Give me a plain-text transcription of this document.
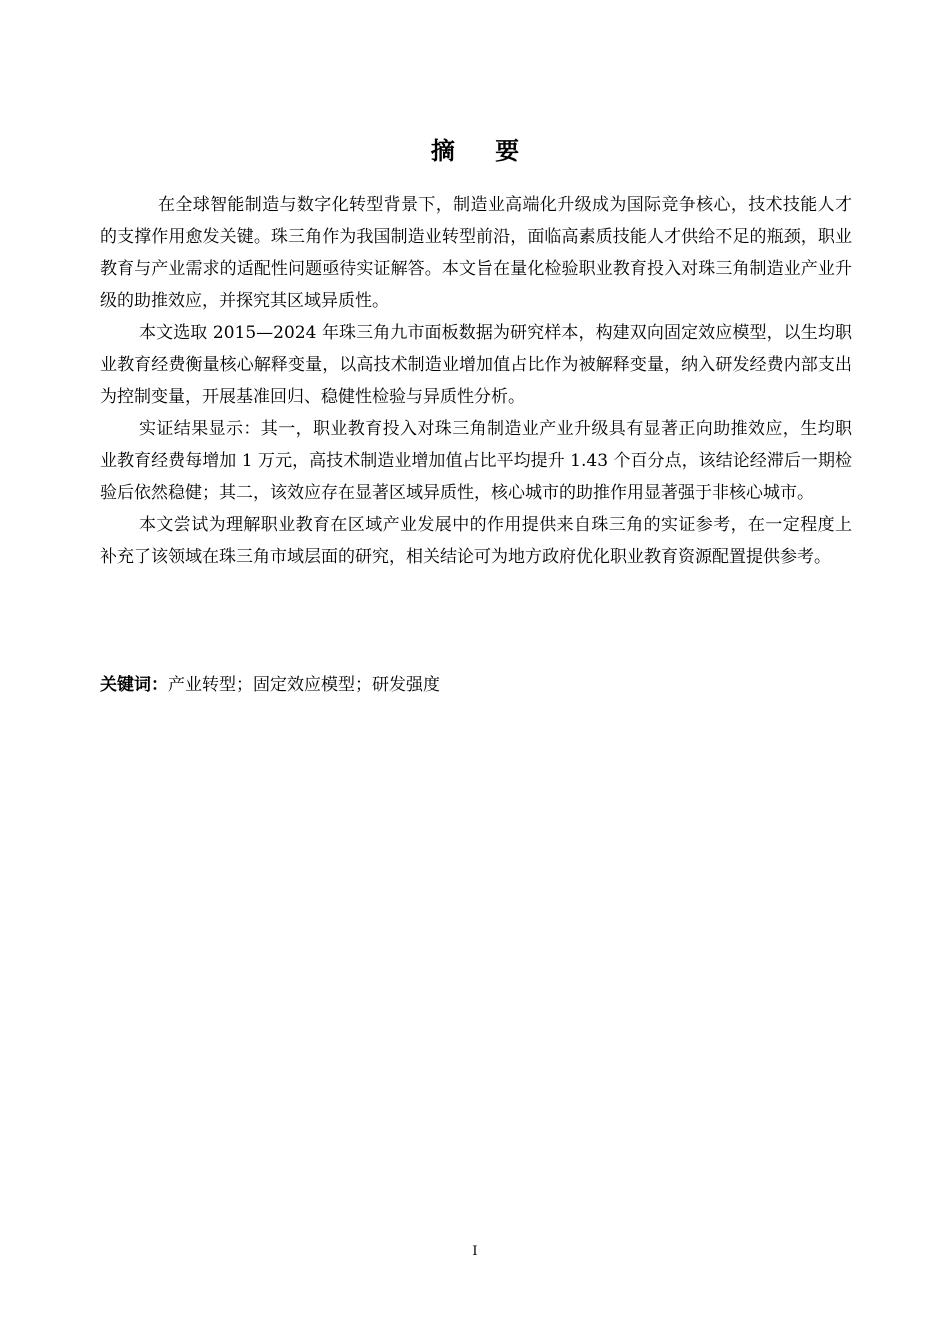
摘 要

在全球智能制造与数字化转型背景下，制造业高端化升级成为国际竞争核心，技术技能人才的支撑作用愈发关键。珠三角作为我国制造业转型前沿，面临高素质技能人才供给不足的瓶颈，职业教育与产业需求的适配性问题亟待实证解答。本文旨在量化检验职业教育投入对珠三角制造业产业升级的助推效应，并探究其区域异质性。

本文选取 2015—2024 年珠三角九市面板数据为研究样本，构建双向固定效应模型，以生均职业教育经费衡量核心解释变量，以高技术制造业增加值占比作为被解释变量，纳入研发经费内部支出为控制变量，开展基准回归、稳健性检验与异质性分析。

实证结果显示：其一，职业教育投入对珠三角制造业产业升级具有显著正向助推效应，生均职业教育经费每增加 1 万元，高技术制造业增加值占比平均提升 1.43 个百分点，该结论经滞后一期检验后依然稳健；其二，该效应存在显著区域异质性，核心城市的助推作用显著强于非核心城市。

本文尝试为理解职业教育在区域产业发展中的作用提供来自珠三角的实证参考，在一定程度上补充了该领域在珠三角市域层面的研究，相关结论可为地方政府优化职业教育资源配置提供参考。

关键词：产业转型；固定效应模型；研发强度
I
